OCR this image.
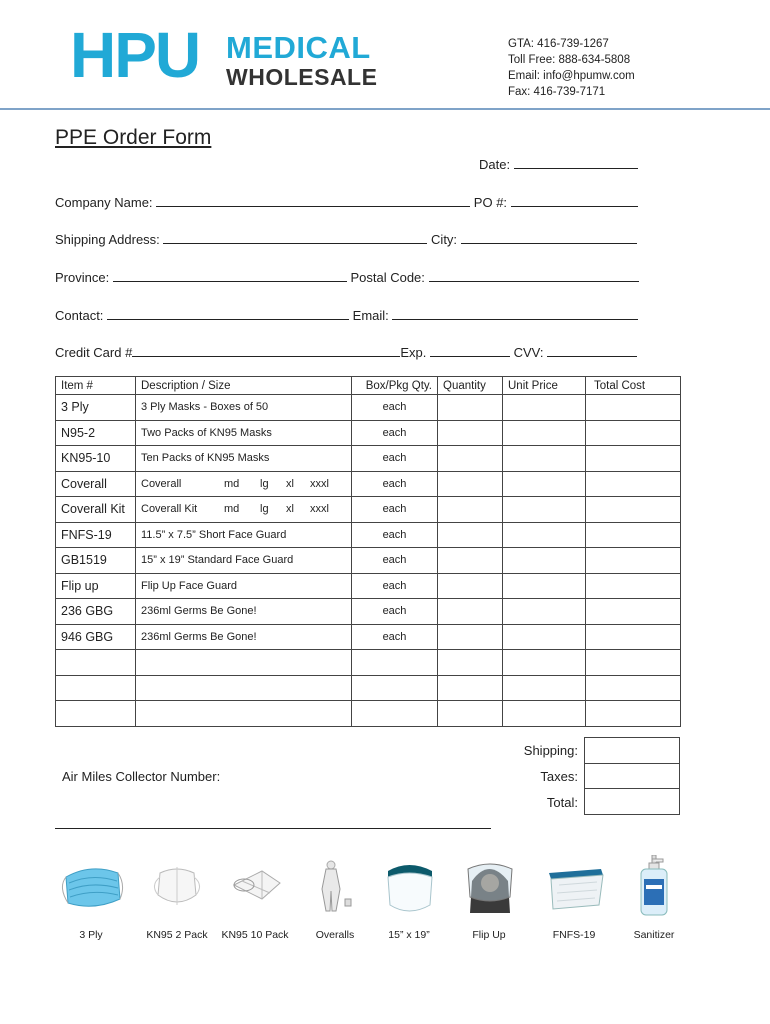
HPU MEDICAL
WHOLESALE
GTA: 416-739-1267
Toll Free: 888-634-5808
Email: info@hpumw.com
Fax: 416-739-7171
PPE Order Form
Date:
Company Name:	PO #:
Shipping Address:	City:
Province:	Postal Code:
Contact:	Email:
Credit Card #	Exp.	CVV:
Item #	Description / Size	Box/Pkg Qty.	Quantity	Unit Price	Total Cost
3 Ply	3 Ply Masks - Boxes of 50	each			
N95-2	Two Packs of KN95 Masks	each			
KN95-10	Ten Packs of KN95 Masks	each			
Coverall	Coverall md lg xl xxxl	each			
Coverall Kit	Coverall Kit md lg xl xxxl	each			
FNFS-19	11.5” x 7.5” Short Face Guard	each			
GB1519	15” x 19” Standard Face Guard	each			
Flip up	Flip Up Face Guard	each			
236 GBG	236ml Germs Be Gone!	each			
946 GBG	236ml Germs Be Gone!	each			

Shipping:
Taxes:
Total:
Air Miles Collector Number:

3 Ply	KN95 2 Pack	KN95 10 Pack	Overalls	15” x 19”	Flip Up	FNFS-19	Sanitizer
